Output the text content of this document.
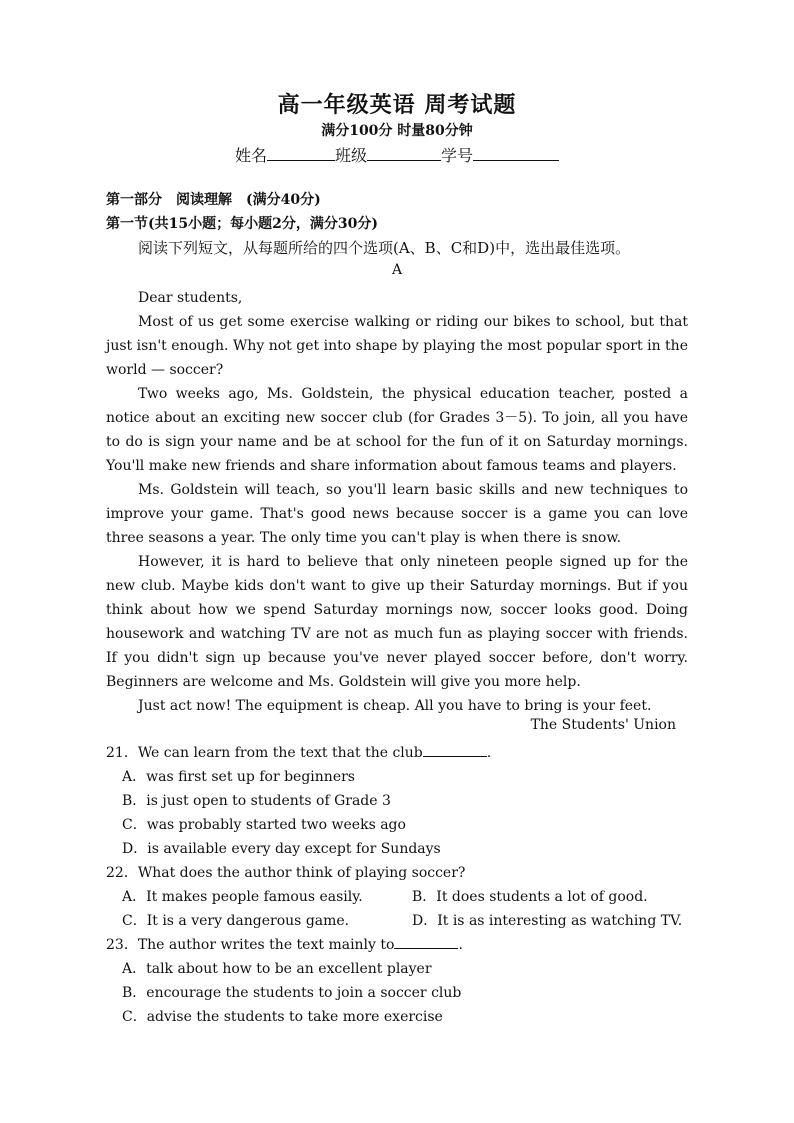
高一年级英语 周考试题
满分100分 时量80分钟
姓名	班级	学号
第一部分　阅读理解　(满分40分)
第一节(共15小题；每小题2分，满分30分)
阅读下列短文，从每题所给的四个选项(A、B、C和D)中，选出最佳选项。
A

Dear students,

Most of us get some exercise walking or riding our bikes to school, but that just isn't enough. Why not get into shape by playing the most popular sport in the world — soccer?

Two weeks ago, Ms. Goldstein, the physical education teacher, posted a notice about an exciting new soccer club (for Grades 3－5). To join, all you have to do is sign your name and be at school for the fun of it on Saturday mornings. You'll make new friends and share information about famous teams and players.

Ms. Goldstein will teach, so you'll learn basic skills and new techniques to improve your game. That's good news because soccer is a game you can love three seasons a year. The only time you can't play is when there is snow.

However, it is hard to believe that only nineteen people signed up for the new club. Maybe kids don't want to give up their Saturday mornings. But if you think about how we spend Saturday mornings now, soccer looks good. Doing housework and watching TV are not as much fun as playing soccer with friends. If you didn't sign up because you've never played soccer before, don't worry. Beginners are welcome and Ms. Goldstein will give you more help.

Just act now! The equipment is cheap. All you have to bring is your feet.

The Students' Union
21．We can learn from the text that the club	.
A．was first set up for beginners
B．is just open to students of Grade 3
C．was probably started two weeks ago
D．is available every day except for Sundays
22．What does the author think of playing soccer?
A．It makes people famous easily.	B．It does students a lot of good.
C．It is a very dangerous game.	D．It is as interesting as watching TV.
23．The author writes the text mainly to	.
A．talk about how to be an excellent player
B．encourage the students to join a soccer club
C．advise the students to take more exercise
